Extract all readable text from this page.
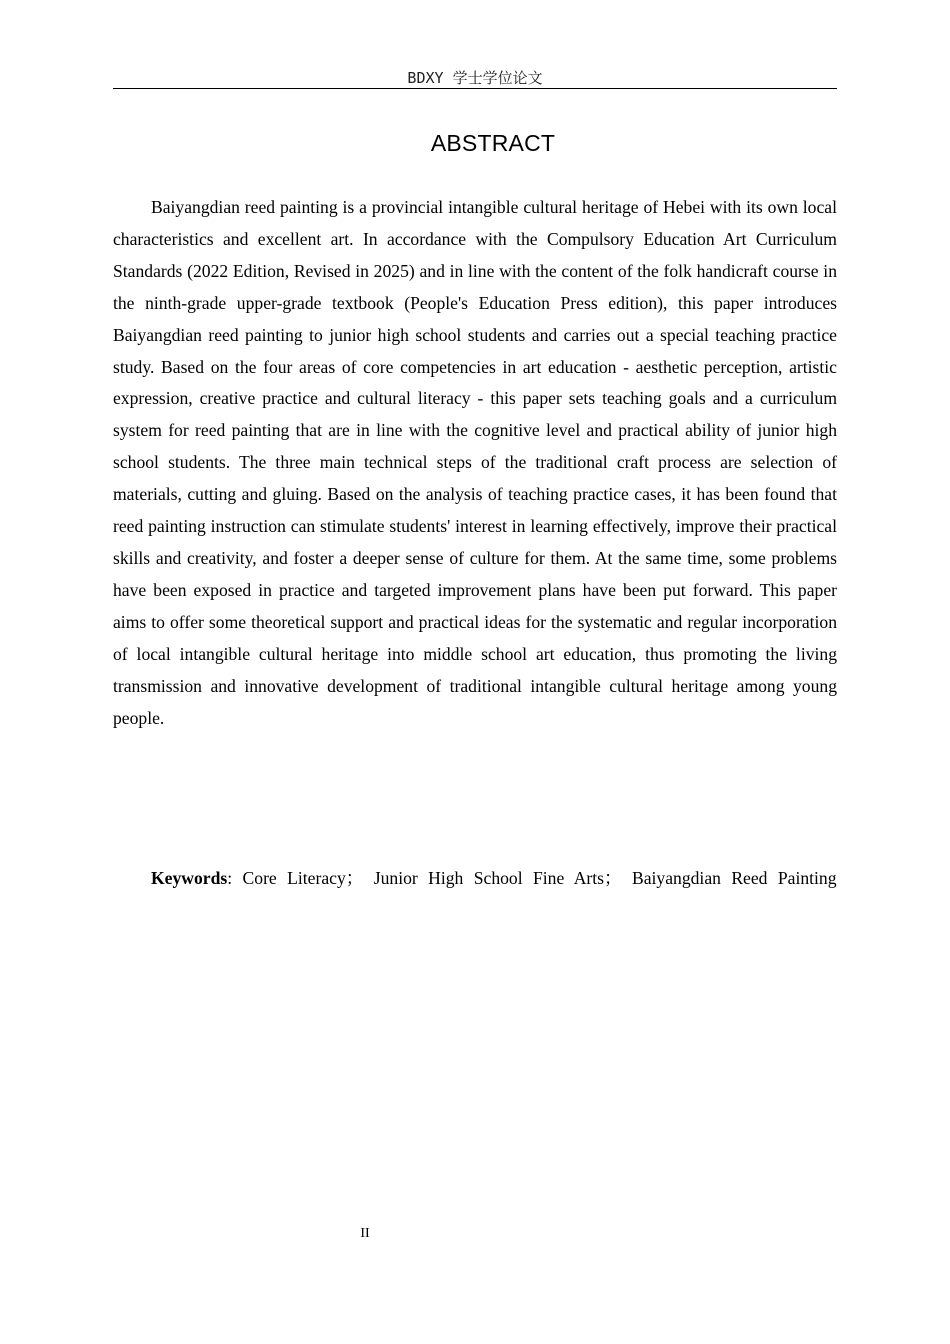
BDXY 学士学位论文
ABSTRACT

Baiyangdian reed painting is a provincial intangible cultural heritage of Hebei with its own local characteristics and excellent art. In accordance with the Compulsory Education Art Curriculum Standards (2022 Edition, Revised in 2025) and in line with the content of the folk handicraft course in the ninth-grade upper-grade textbook (People's Education Press edition), this paper introduces Baiyangdian reed painting to junior high school students and carries out a special teaching practice study. Based on the four areas of core competencies in art education - aesthetic perception, artistic expression, creative practice and cultural literacy - this paper sets teaching goals and a curriculum system for reed painting that are in line with the cognitive level and practical ability of junior high school students. The three main technical steps of the traditional craft process are selection of materials, cutting and gluing. Based on the analysis of teaching practice cases, it has been found that reed painting instruction can stimulate students' interest in learning effectively, improve their practical skills and creativity, and foster a deeper sense of culture for them. At the same time, some problems have been exposed in practice and targeted improvement plans have been put forward. This paper aims to offer some theoretical support and practical ideas for the systematic and regular incorporation of local intangible cultural heritage into middle school art education, thus promoting the living transmission and innovative development of traditional intangible cultural heritage among young people.

Keywords: Core Literacy； Junior High School Fine Arts； Baiyangdian Reed Painting

II
